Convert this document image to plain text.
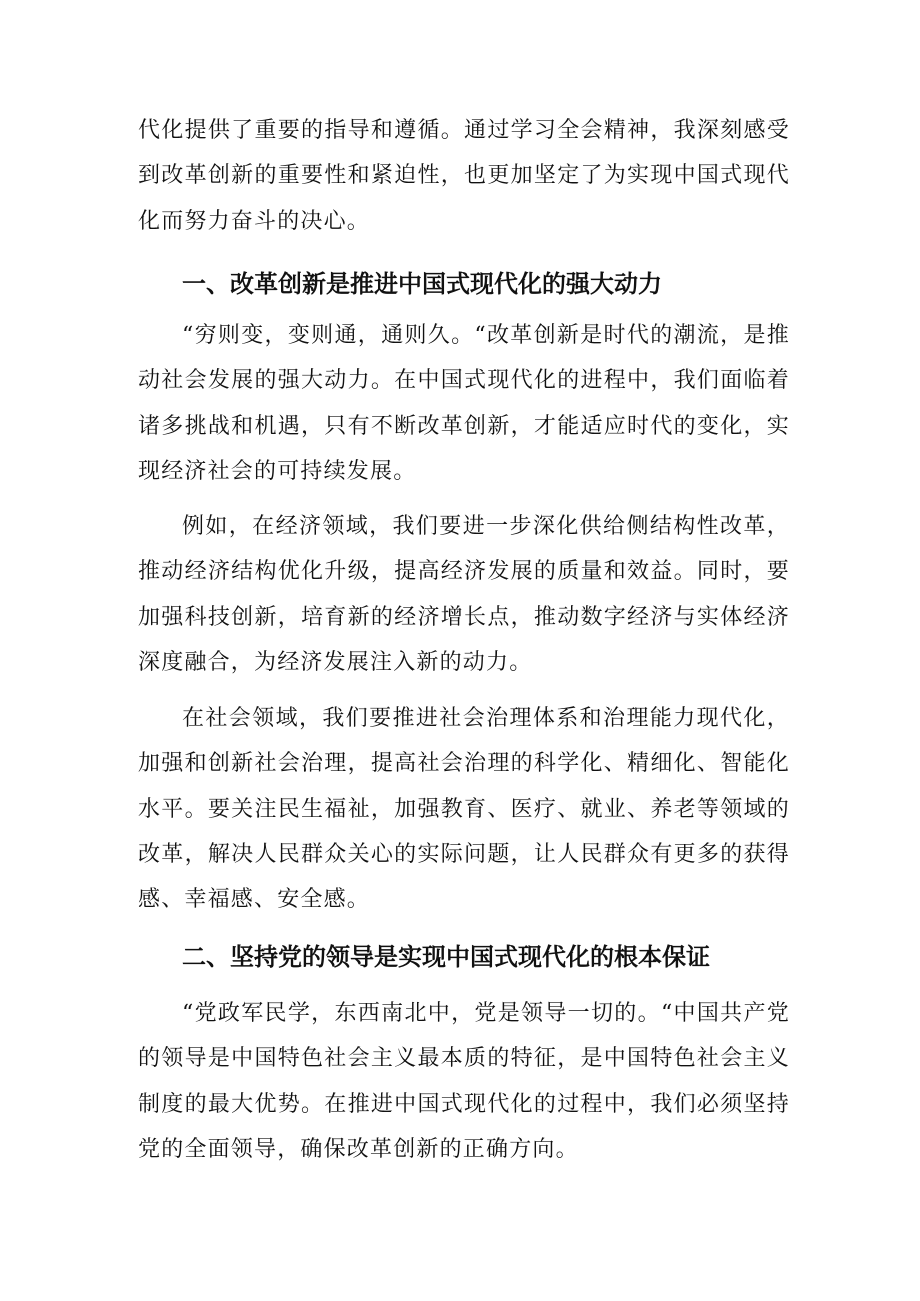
代化提供了重要的指导和遵循。通过学习全会精神，我深刻感受到改革创新的重要性和紧迫性，也更加坚定了为实现中国式现代化而努力奋斗的决心。

一、改革创新是推进中国式现代化的强大动力

“穷则变，变则通，通则久。“改革创新是时代的潮流，是推动社会发展的强大动力。在中国式现代化的进程中，我们面临着诸多挑战和机遇，只有不断改革创新，才能适应时代的变化，实现经济社会的可持续发展。

例如，在经济领域，我们要进一步深化供给侧结构性改革，推动经济结构优化升级，提高经济发展的质量和效益。同时，要加强科技创新，培育新的经济增长点，推动数字经济与实体经济深度融合，为经济发展注入新的动力。

在社会领域，我们要推进社会治理体系和治理能力现代化，加强和创新社会治理，提高社会治理的科学化、精细化、智能化水平。要关注民生福祉，加强教育、医疗、就业、养老等领域的改革，解决人民群众关心的实际问题，让人民群众有更多的获得感、幸福感、安全感。

二、坚持党的领导是实现中国式现代化的根本保证

“党政军民学，东西南北中，党是领导一切的。“中国共产党的领导是中国特色社会主义最本质的特征，是中国特色社会主义制度的最大优势。在推进中国式现代化的过程中，我们必须坚持党的全面领导，确保改革创新的正确方向。
